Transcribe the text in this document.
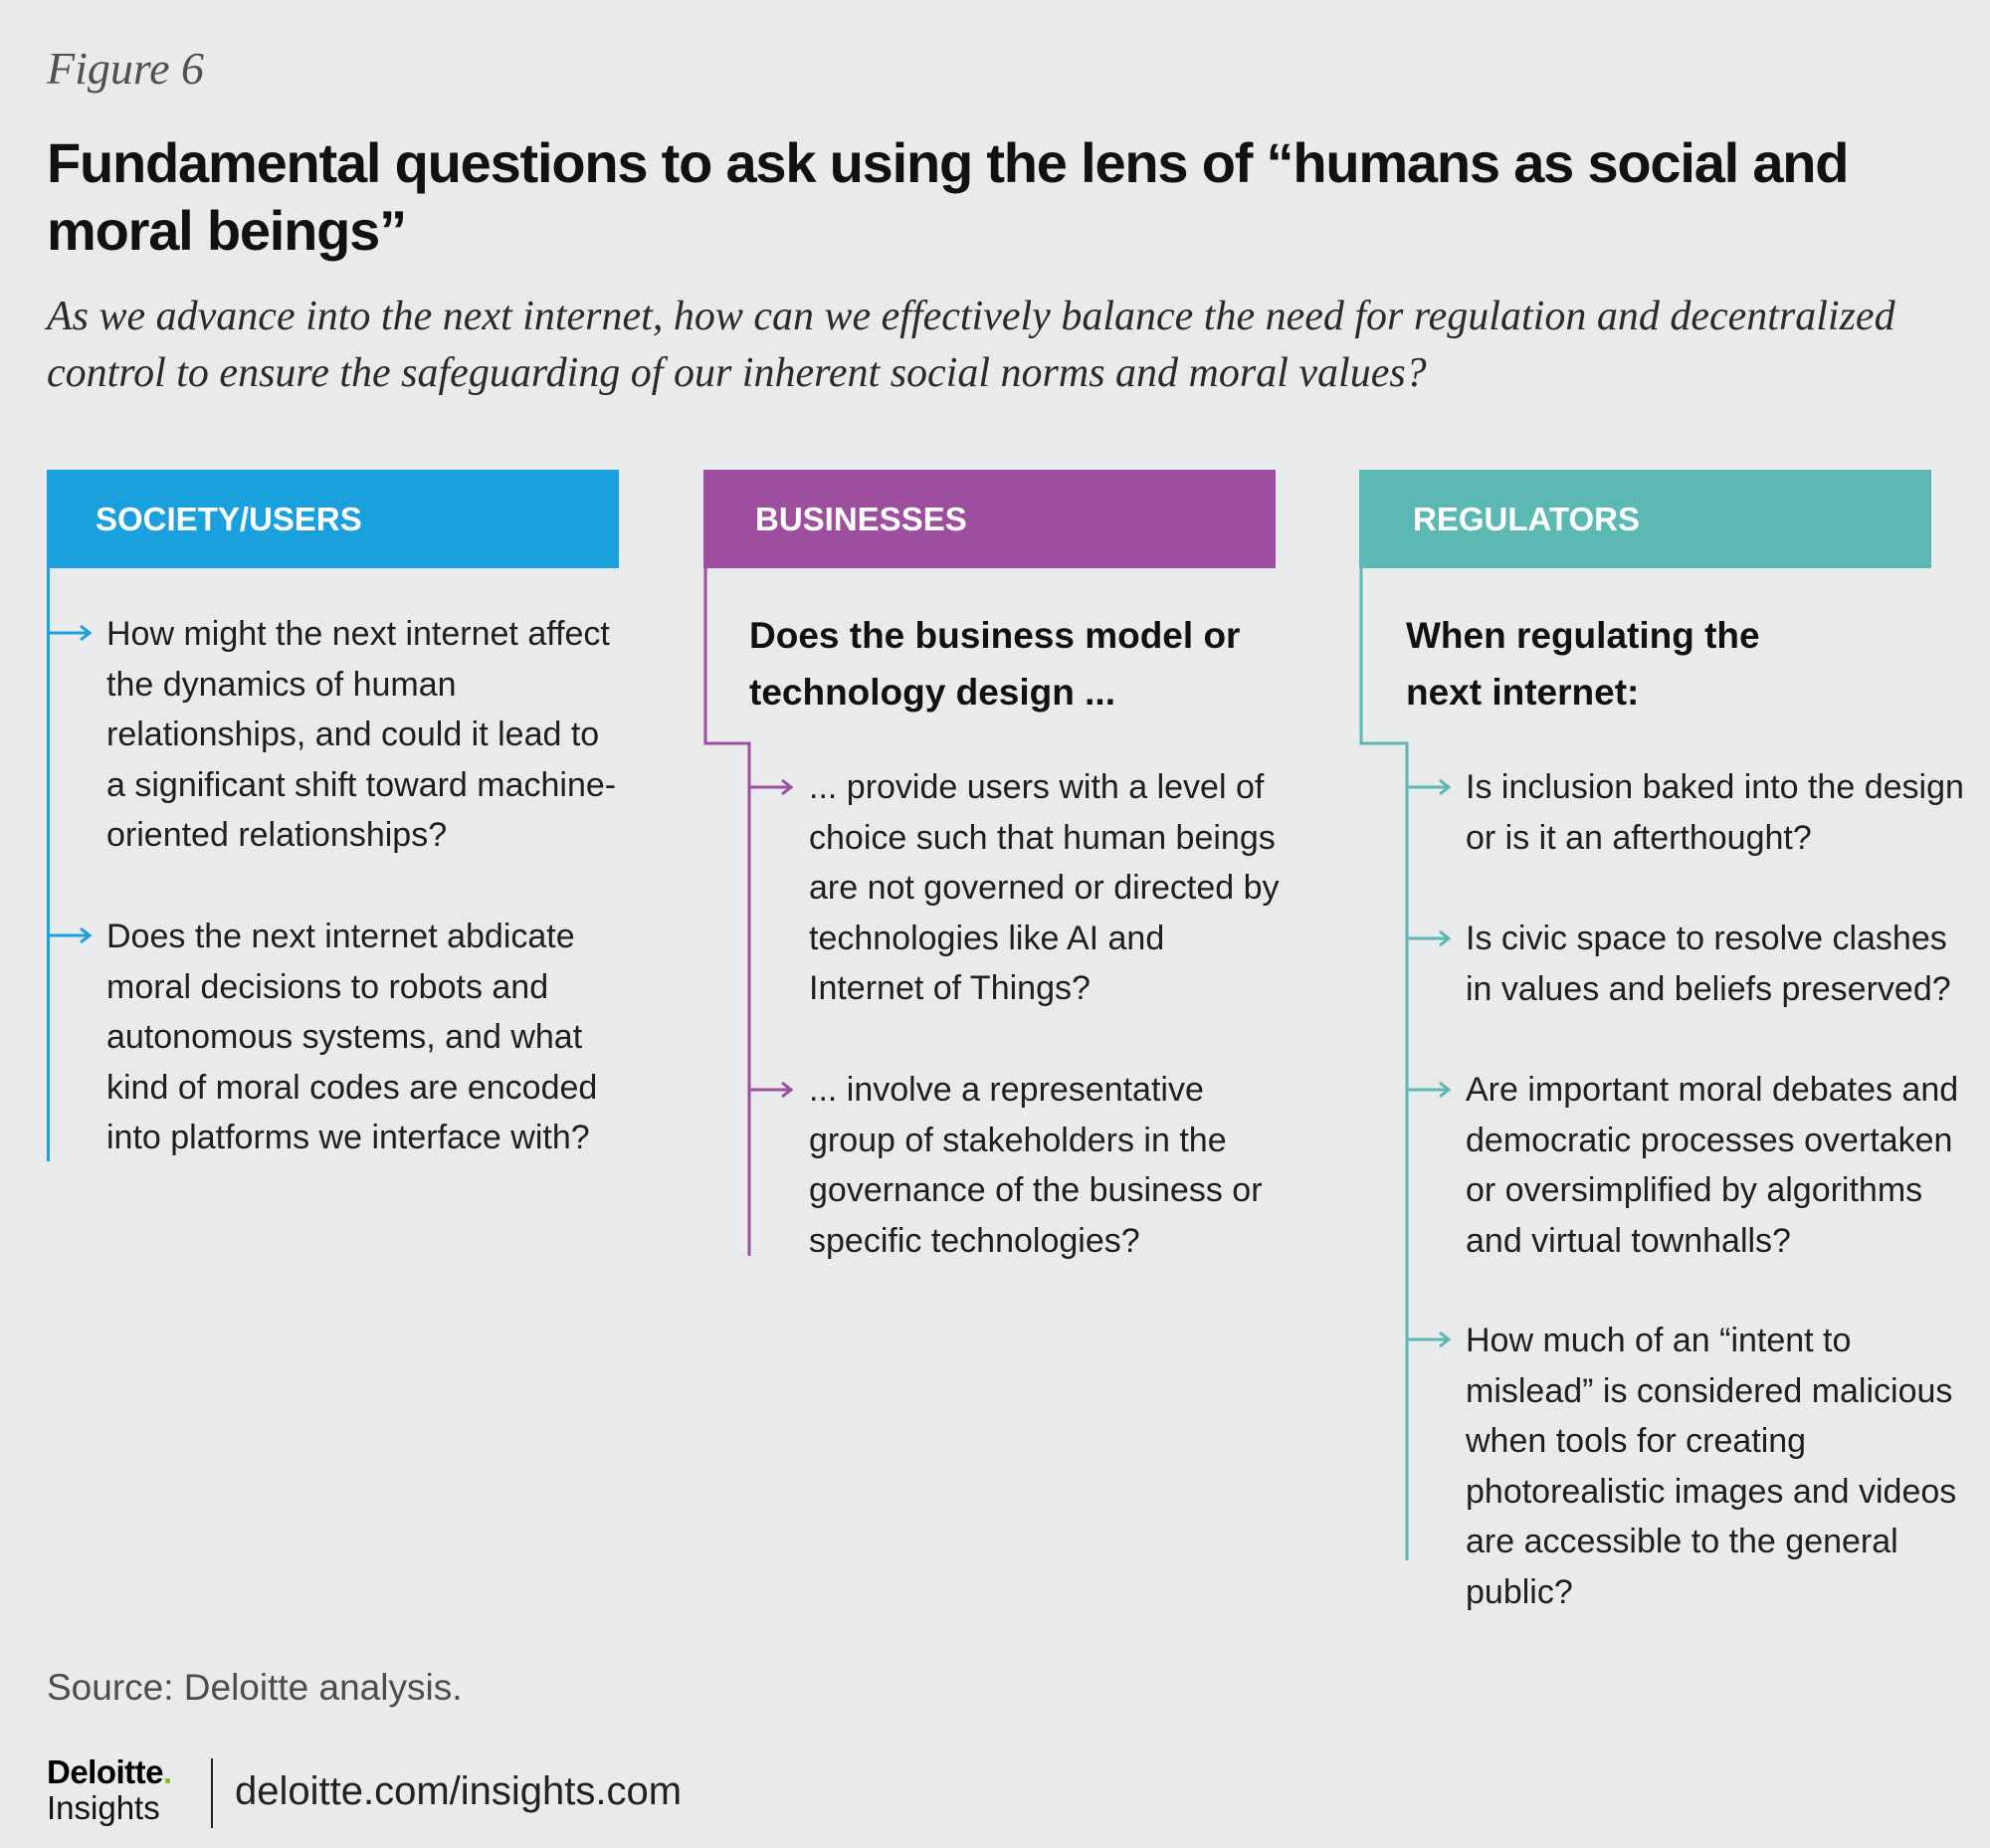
Figure 6
Fundamental questions to ask using the lens of “humans as social and moral beings”
As we advance into the next internet, how can we effectively balance the need for regulation and decentralized control to ensure the safeguarding of our inherent social norms and moral values?
SOCIETY/USERS
How might the next internet affect the dynamics of human relationships, and could it lead to a significant shift toward machine-oriented relationships?
Does the next internet abdicate moral decisions to robots and autonomous systems, and what kind of moral codes are encoded into platforms we interface with?
BUSINESSES
Does the business model or technology design ...
... provide users with a level of choice such that human beings are not governed or directed by technologies like AI and Internet of Things?
... involve a representative group of stakeholders in the governance of the business or specific technologies?
REGULATORS
When regulating the next internet:
Is inclusion baked into the design or is it an afterthought?
Is civic space to resolve clashes in values and beliefs preserved?
Are important moral debates and democratic processes overtaken or oversimplified by algorithms and virtual townhalls?
How much of an “intent to mislead” is considered malicious when tools for creating photorealistic images and videos are accessible to the general public?
Source: Deloitte analysis.
Deloitte.
Insights deloitte.com/insights.com
